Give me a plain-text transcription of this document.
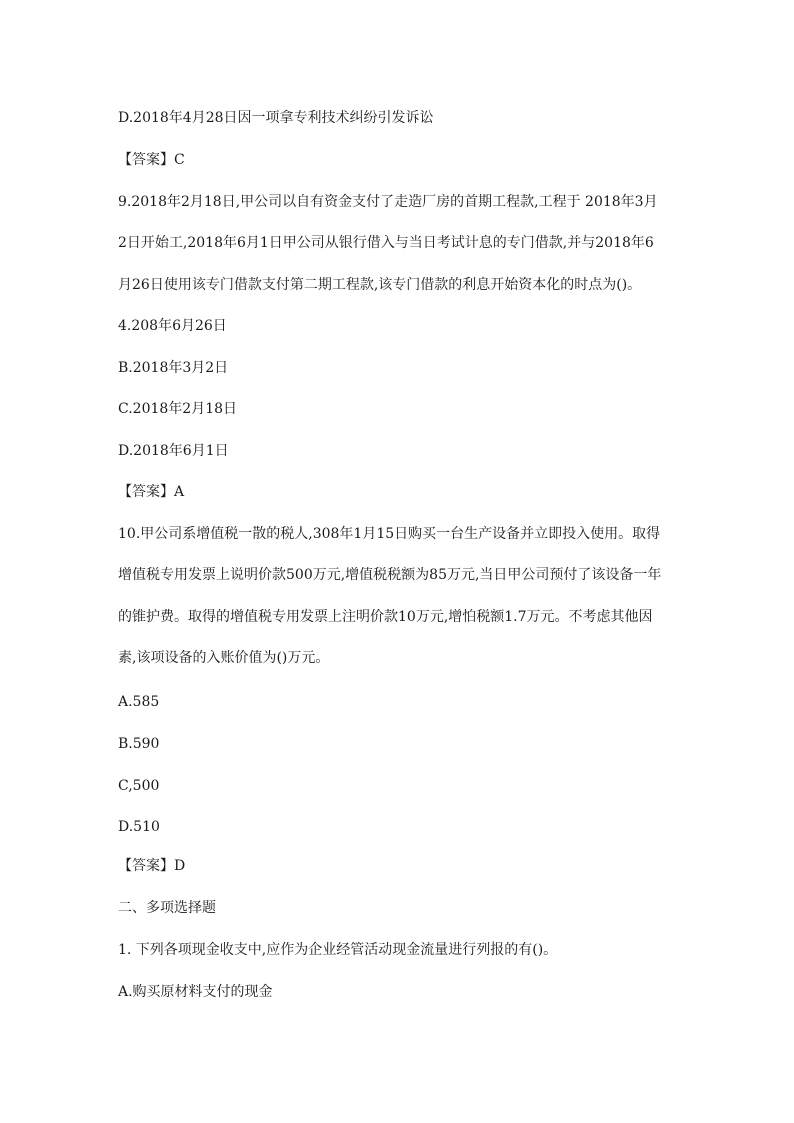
D.2018年4月28日因一项拿专利技术纠纷引发诉讼
【答案】C
9.2018年2月18日,甲公司以自有资金支付了走造厂房的首期工程款,工程于 2018年3月
2日开始工,2018年6月1日甲公司从银行借入与当日考试计息的专门借款,并与2018年6
月26日使用该专门借款支付第二期工程款,该专门借款的利息开始资本化的时点为()。
4.208年6月26日
B.2018年3月2日
C.2018年2月18日
D.2018年6月1日
【答案】A
10.甲公司系增值税一散的税人,308年1月15日购买一台生产设备并立即投入使用。取得
增值税专用发票上说明价款500万元,增值税税额为85万元,当日甲公司预付了该设备一年
的锥护费。取得的增值税专用发票上注明价款10万元,增怕税额1.7万元。不考虑其他因
素,该项设备的入账价值为()万元。
A.585
B.590
C,500
D.510
【答案】D
二、多项选择题
1. 下列各项现金收支中,应作为企业经管活动现金流量进行列报的有()。
A.购买原材料支付的现金
